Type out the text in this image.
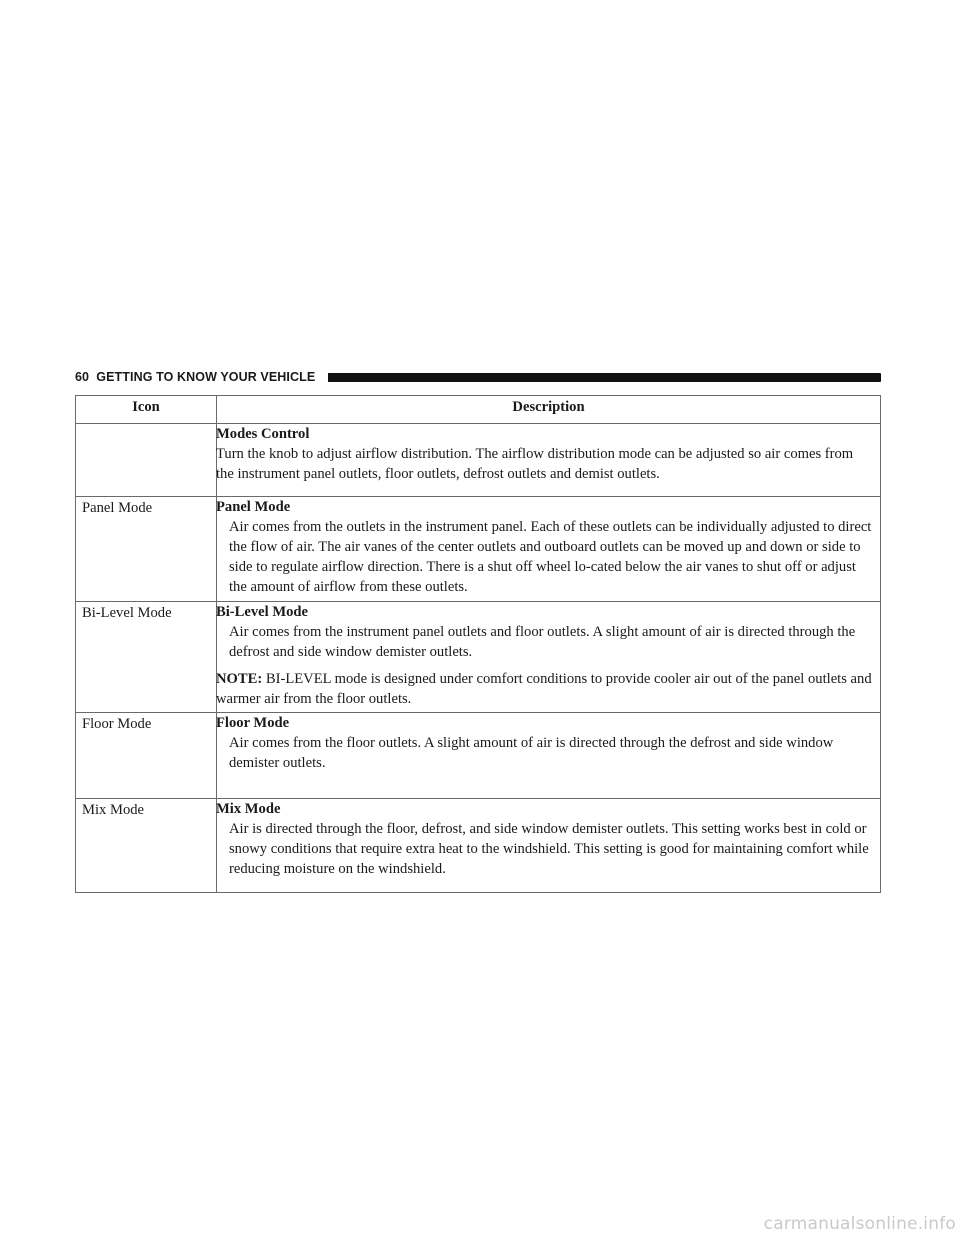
60 GETTING TO KNOW YOUR VEHICLE
Icon	Description

	Modes Control
Turn the knob to adjust airflow distribution. The airflow distribution mode can be adjusted so air comes from the instrument panel outlets, floor outlets, defrost outlets and demist outlets.

Panel Mode	Panel Mode
Air comes from the outlets in the instrument panel. Each of these outlets can be individually adjusted to direct the flow of air. The air vanes of the center outlets and outboard outlets can be moved up and down or side to side to regulate airflow direction. There is a shut off wheel lo-cated below the air vanes to shut off or adjust the amount of airflow from these outlets.

Bi-Level Mode	Bi-Level Mode
Air comes from the instrument panel outlets and floor outlets. A slight amount of air is directed through the defrost and side window demister outlets.
NOTE: BI-LEVEL mode is designed under comfort conditions to provide cooler air out of the panel outlets and warmer air from the floor outlets.

Floor Mode	Floor Mode
Air comes from the floor outlets. A slight amount of air is directed through the defrost and side window demister outlets.

Mix Mode	Mix Mode
Air is directed through the floor, defrost, and side window demister outlets. This setting works best in cold or snowy conditions that require extra heat to the windshield. This setting is good for maintaining comfort while reducing moisture on the windshield.
carmanualsonline.info
